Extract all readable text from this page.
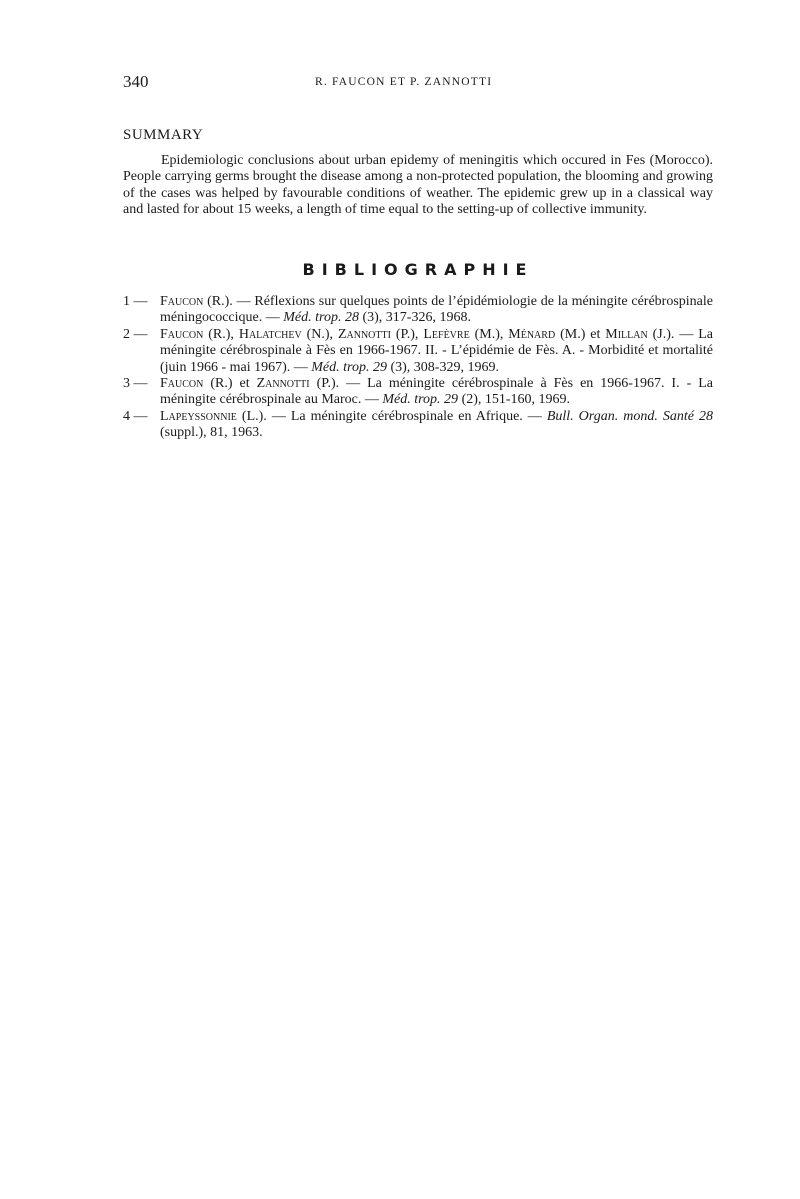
340	R. FAUCON ET P. ZANNOTTI
SUMMARY

Epidemiologic conclusions about urban epidemy of meningitis which occured in Fes (Morocco). People carrying germs brought the disease among a non-protected population, the blooming and growing of the cases was helped by favourable conditions of weather. The epidemic grew up in a classical way and lasted for about 15 weeks, a length of time equal to the setting-up of collective immunity.

BIBLIOGRAPHIE
1 — Faucon (R.). — Réflexions sur quelques points de l’épidémiologie de la méningite cérébrospinale méningococcique. — Méd. trop. 28 (3), 317-326, 1968.
2 — Faucon (R.), Halatchev (N.), Zannotti (P.), Lefèvre (M.), Ménard (M.) et Millan (J.). — La méningite cérébrospinale à Fès en 1966-1967. II. - L’épidémie de Fès. A. - Morbidité et mortalité (juin 1966 - mai 1967). — Méd. trop. 29 (3), 308-329, 1969.
3 — Faucon (R.) et Zannotti (P.). — La méningite cérébrospinale à Fès en 1966-1967. I. - La méningite cérébrospinale au Maroc. — Méd. trop. 29 (2), 151-160, 1969.
4 — Lapeyssonnie (L.). — La méningite cérébrospinale en Afrique. — Bull. Organ. mond. Santé 28 (suppl.), 81, 1963.
